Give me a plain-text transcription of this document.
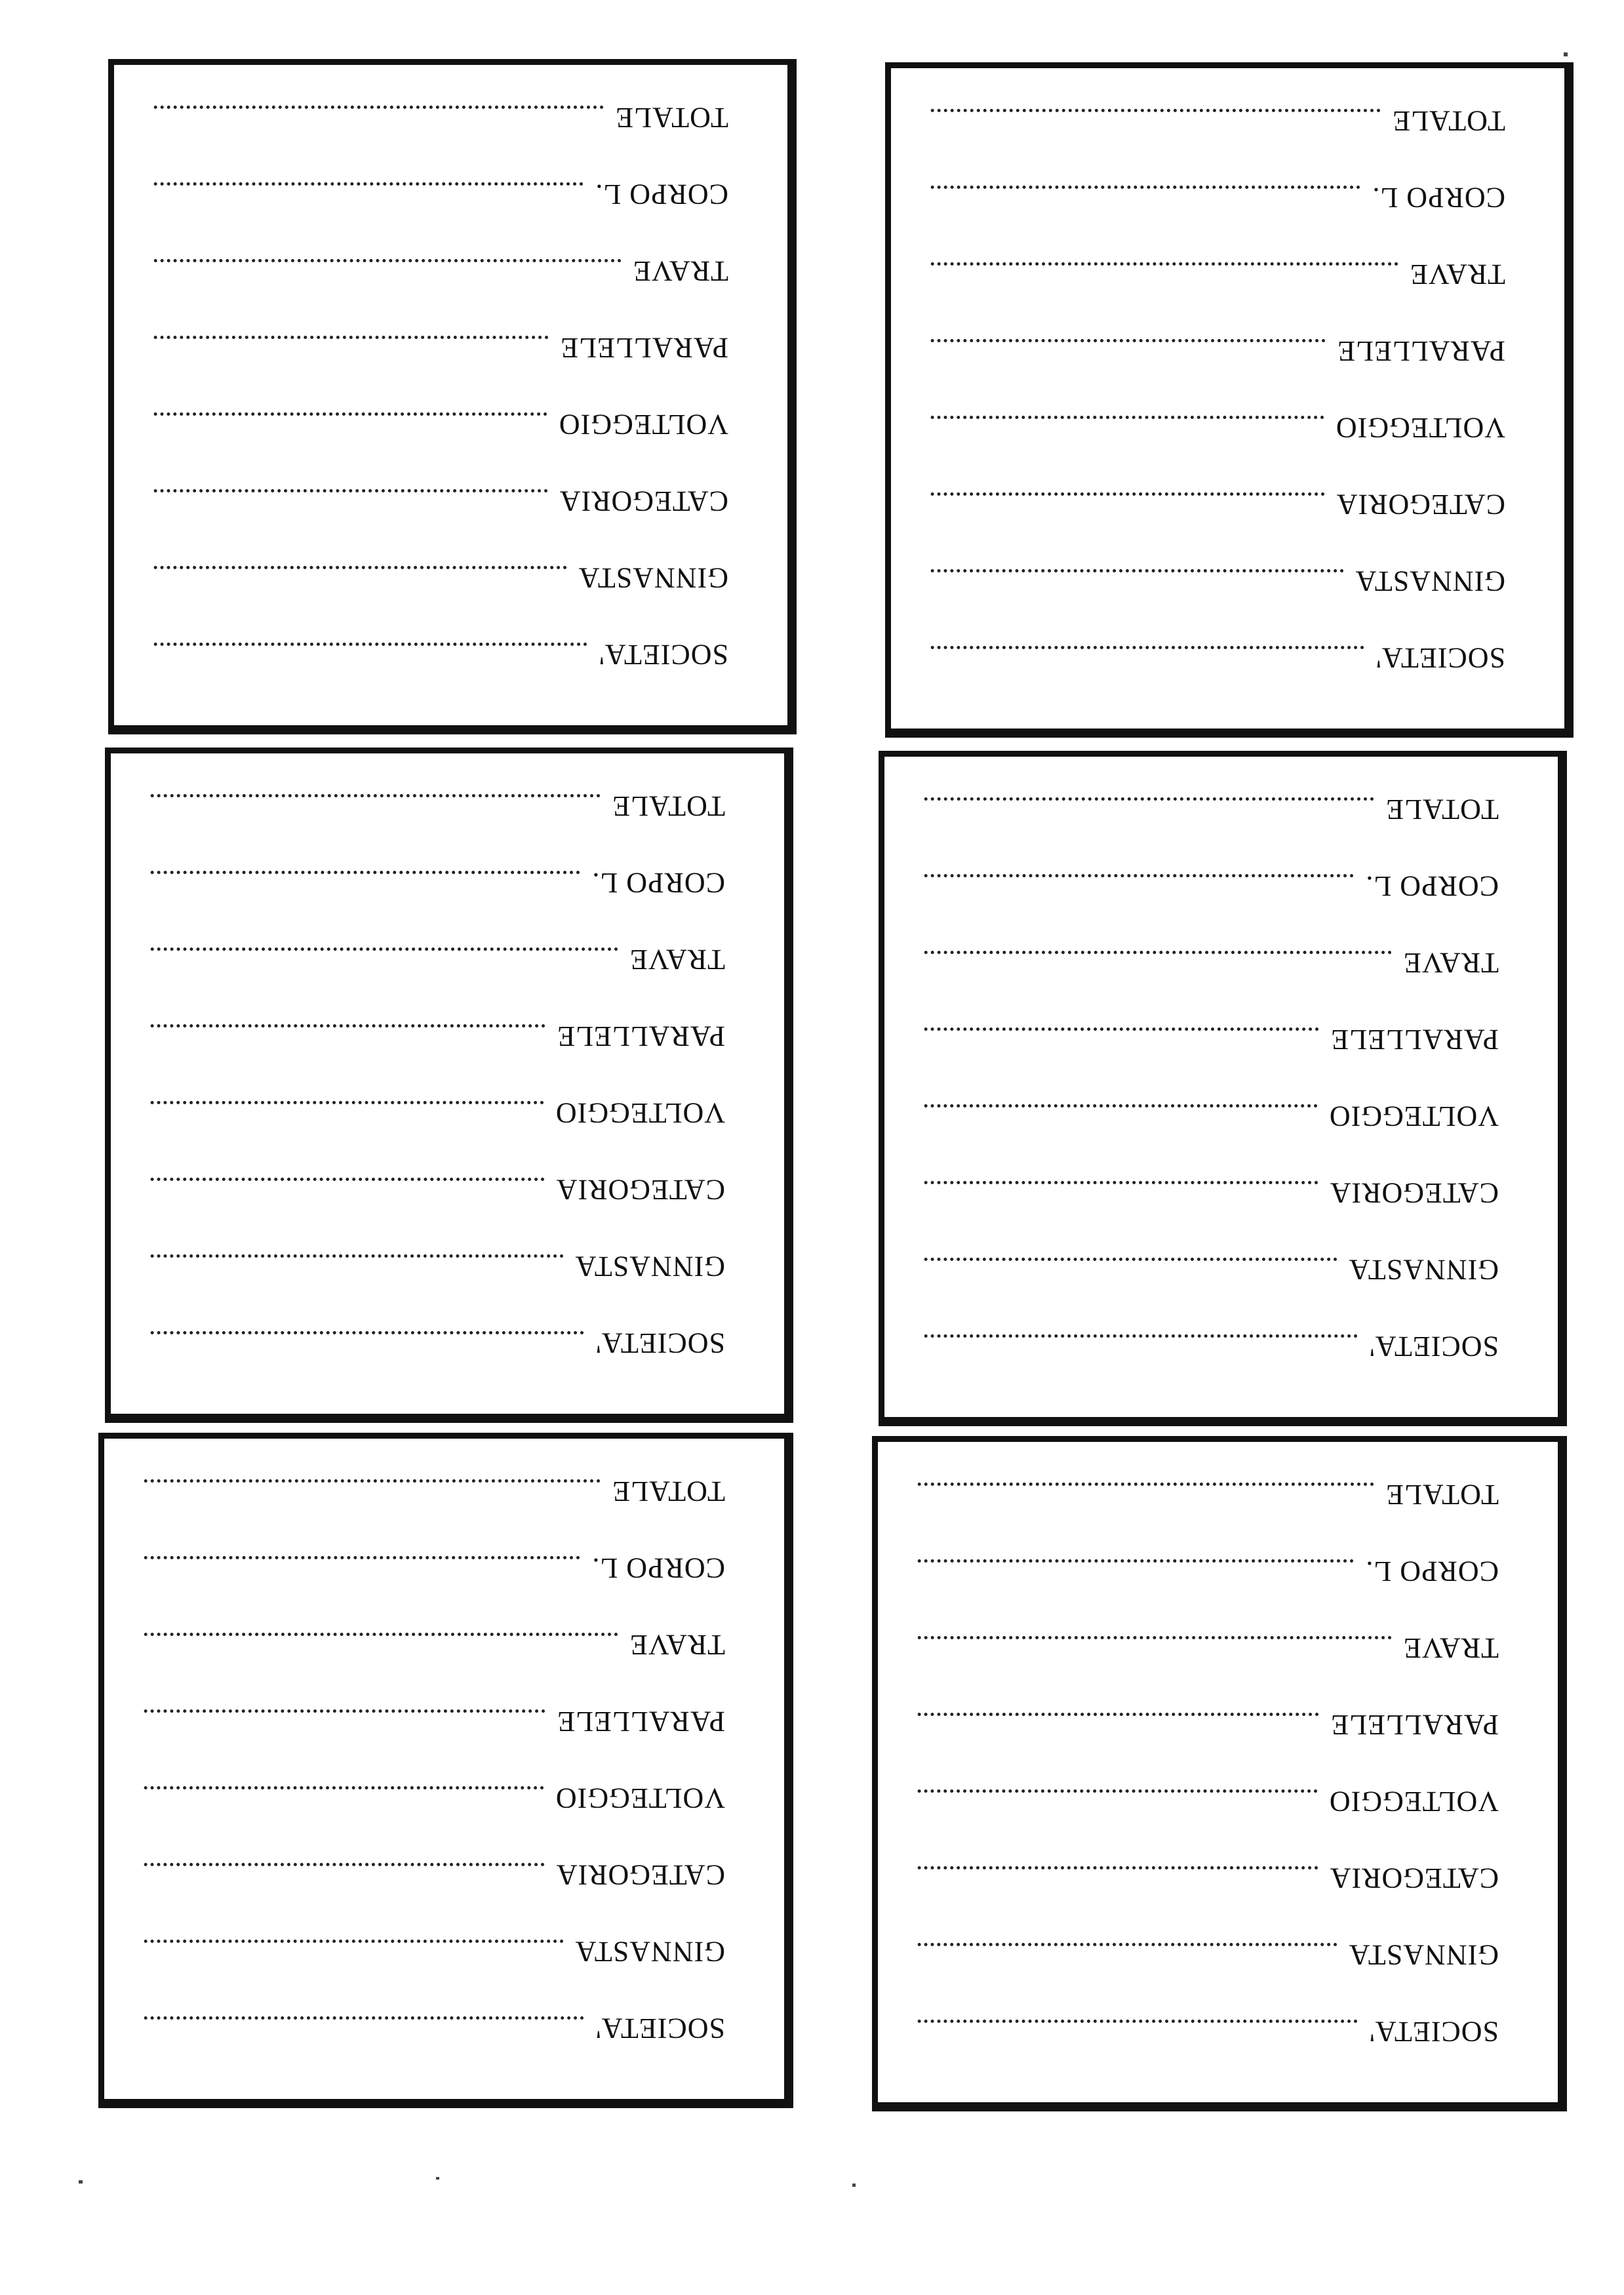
SOCIETA'
GINNASTA
CATEGORIA
VOLTEGGIO
PARALLELE
TRAVE
CORPO L.
TOTALE
SOCIETA'
GINNASTA
CATEGORIA
VOLTEGGIO
PARALLELE
TRAVE
CORPO L.
TOTALE
SOCIETA'
GINNASTA
CATEGORIA
VOLTEGGIO
PARALLELE
TRAVE
CORPO L.
TOTALE
SOCIETA'
GINNASTA
CATEGORIA
VOLTEGGIO
PARALLELE
TRAVE
CORPO L.
TOTALE
SOCIETA'
GINNASTA
CATEGORIA
VOLTEGGIO
PARALLELE
TRAVE
CORPO L.
TOTALE
SOCIETA'
GINNASTA
CATEGORIA
VOLTEGGIO
PARALLELE
TRAVE
CORPO L.
TOTALE
